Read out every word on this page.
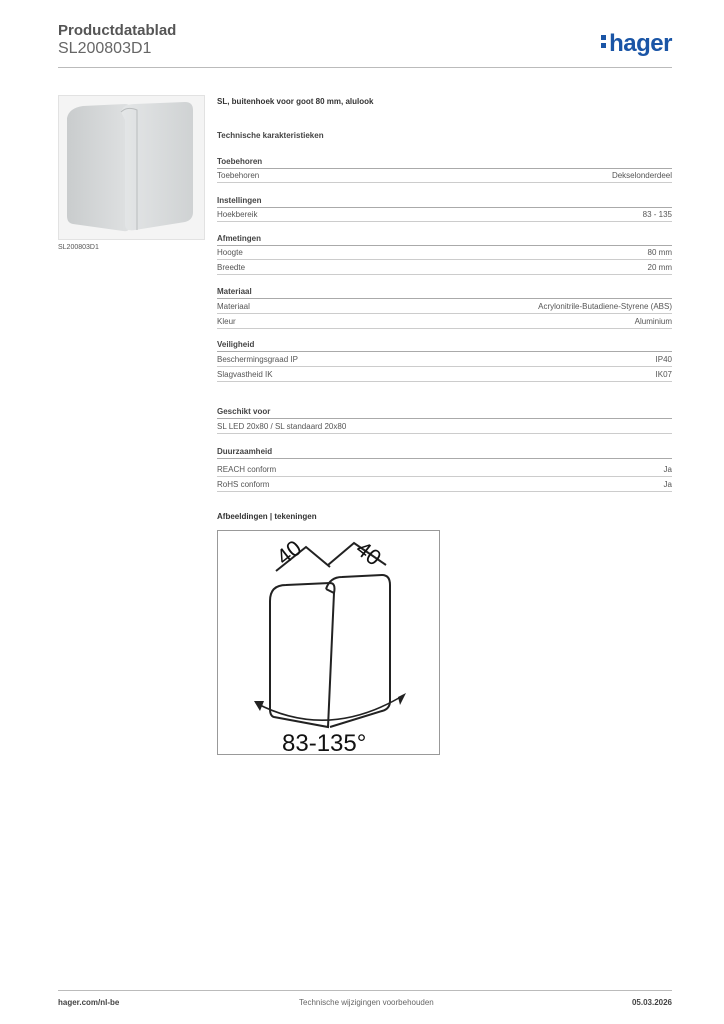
Productdatablad
SL200803D1	hager
SL200803D1
SL, buitenhoek voor goot 80 mm, alulook
Technische karakteristieken
Toebehoren
Toebehoren	Dekselonderdeel
Instellingen
Hoekbereik	83 - 135
Afmetingen
Hoogte	80 mm
Breedte	20 mm
Materiaal
Materiaal	Acrylonitrile-Butadiene-Styrene (ABS)
Kleur	Aluminium
Veiligheid
Beschermingsgraad IP	IP40
Slagvastheid IK	IK07
Geschikt voor
SL LED 20x80 / SL standaard 20x80
Duurzaamheid
REACH conform	Ja
RoHS conform	Ja
Afbeeldingen | tekeningen
40 40
83-135°
hager.com/nl-be	Technische wijzigingen voorbehouden	05.03.2026
